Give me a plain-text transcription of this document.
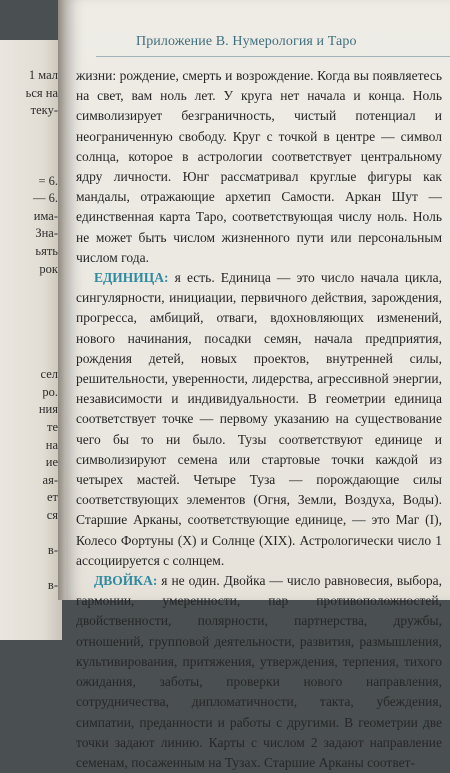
1 мал
ься на
теку-
= 6.
— 6.
има-
Зна-
ьять
рок
сел
ро.
ния
те
на
ие
ая-
ет
ся
в-
в-
Приложение В. Нумерология и Таро

жизни: рождение, смерть и возрождение. Когда вы появляетесь на свет, вам ноль лет. У круга нет начала и конца. Ноль символизирует безграничность, чистый потенциал и неограниченную свободу. Круг с точкой в центре — символ солнца, которое в астрологии соответствует центральному ядру личности. Юнг рассматривал круглые фигуры как мандалы, отражающие архетип Самости. Аркан Шут — единственная карта Таро, соответствующая числу ноль. Ноль не может быть числом жизненного пути или персональным числом года.

ЕДИНИЦА: я есть. Единица — это число начала цикла, сингулярности, инициации, первичного действия, зарождения, прогресса, амбиций, отваги, вдохновляющих изменений, нового начинания, посадки семян, начала предприятия, рождения детей, новых проектов, внутренней силы, решительности, уверенности, лидерства, агрессивной энергии, независимости и индивидуальности. В геометрии единица соответствует точке — первому указанию на существование чего бы то ни было. Тузы соответствуют единице и символизируют семена или стартовые точки каждой из четырех мастей. Четыре Туза — порождающие силы соответствующих элементов (Огня, Земли, Воздуха, Воды). Старшие Арканы, соответствующие единице, — это Маг (I), Колесо Фортуны (X) и Солнце (XIX). Астрологически число 1 ассоциируется с солнцем.

ДВОЙКА: я не один. Двойка — число равновесия, выбора, гармонии, умеренности, пар противоположностей, двойственности, полярности, партнерства, дружбы, отношений, групповой деятельности, развития, размышления, культивирования, притяжения, утверждения, терпения, тихого ожидания, заботы, проверки нового направления, сотрудничества, дипломатичности, такта, убеждения, симпатии, преданности и работы с другими. В геометрии две точки задают линию. Карты с числом 2 задают направление семенам, посаженным на Тузах. Старшие Арканы соответ-
